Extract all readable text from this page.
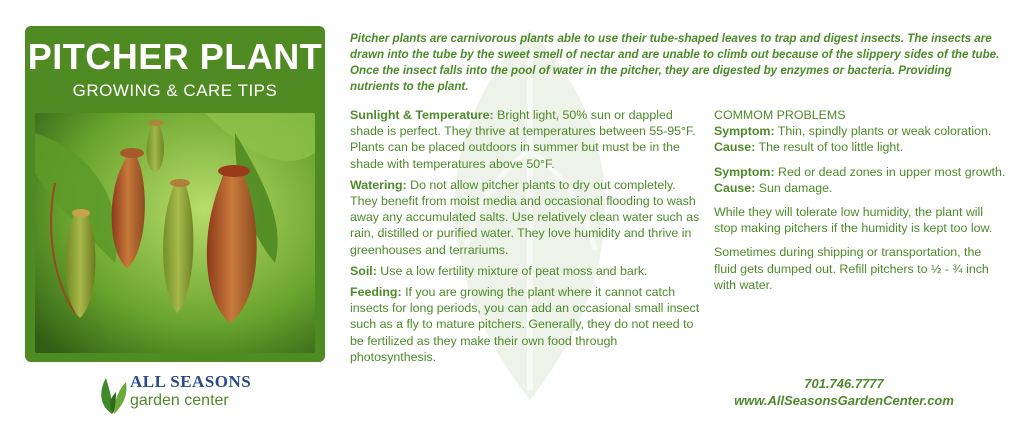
PITCHER PLANT
GROWING & CARE TIPS
ALL SEASONS
garden center
Pitcher plants are carnivorous plants able to use their tube-shaped leaves to trap and digest insects. The insects are drawn into the tube by the sweet smell of nectar and are unable to climb out because of the slippery sides of the tube. Once the insect falls into the pool of water in the pitcher, they are digested by enzymes or bacteria. Providing nutrients to the plant.

Sunlight & Temperature: Bright light, 50% sun or dappled shade is perfect. They thrive at temperatures between 55-95°F. Plants can be placed outdoors in summer but must be in the shade with temperatures above 50°F.

Watering: Do not allow pitcher plants to dry out completely. They benefit from moist media and occasional flooding to wash away any accumulated salts. Use relatively clean water such as rain, distilled or purified water. They love humidity and thrive in greenhouses and terrariums.

Soil: Use a low fertility mixture of peat moss and bark.

Feeding: If you are growing the plant where it cannot catch insects for long periods, you can add an occasional small insect such as a fly to mature pitchers. Generally, they do not need to be fertilized as they make their own food through photosynthesis.

COMMOM PROBLEMS
Symptom: Thin, spindly plants or weak coloration.

Cause: The result of too little light.

Symptom: Red or dead zones in upper most growth.

Cause: Sun damage.

While they will tolerate low humidity, the plant will stop making pitchers if the humidity is kept too low.

Sometimes during shipping or transportation, the fluid gets dumped out. Refill pitchers to ½ - ¾ inch with water.

701.746.7777
www.AllSeasonsGardenCenter.com
